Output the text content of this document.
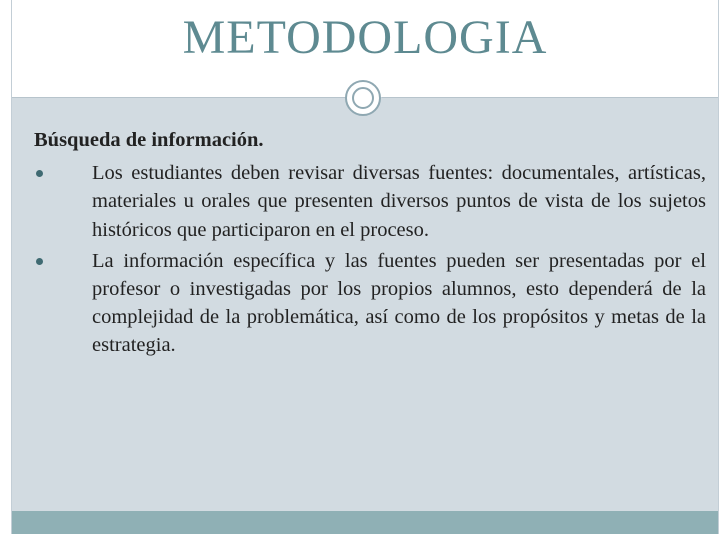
METODOLOGIA
Búsqueda de información.
Los estudiantes deben revisar diversas fuentes: documentales, artísticas, materiales u orales que presenten diversos puntos de vista de los sujetos históricos que participaron en el proceso.
La información específica y las fuentes pueden ser presentadas por el profesor o investigadas por los propios alumnos, esto dependerá de la complejidad de la problemática, así como de los propósitos y metas de la estrategia.
